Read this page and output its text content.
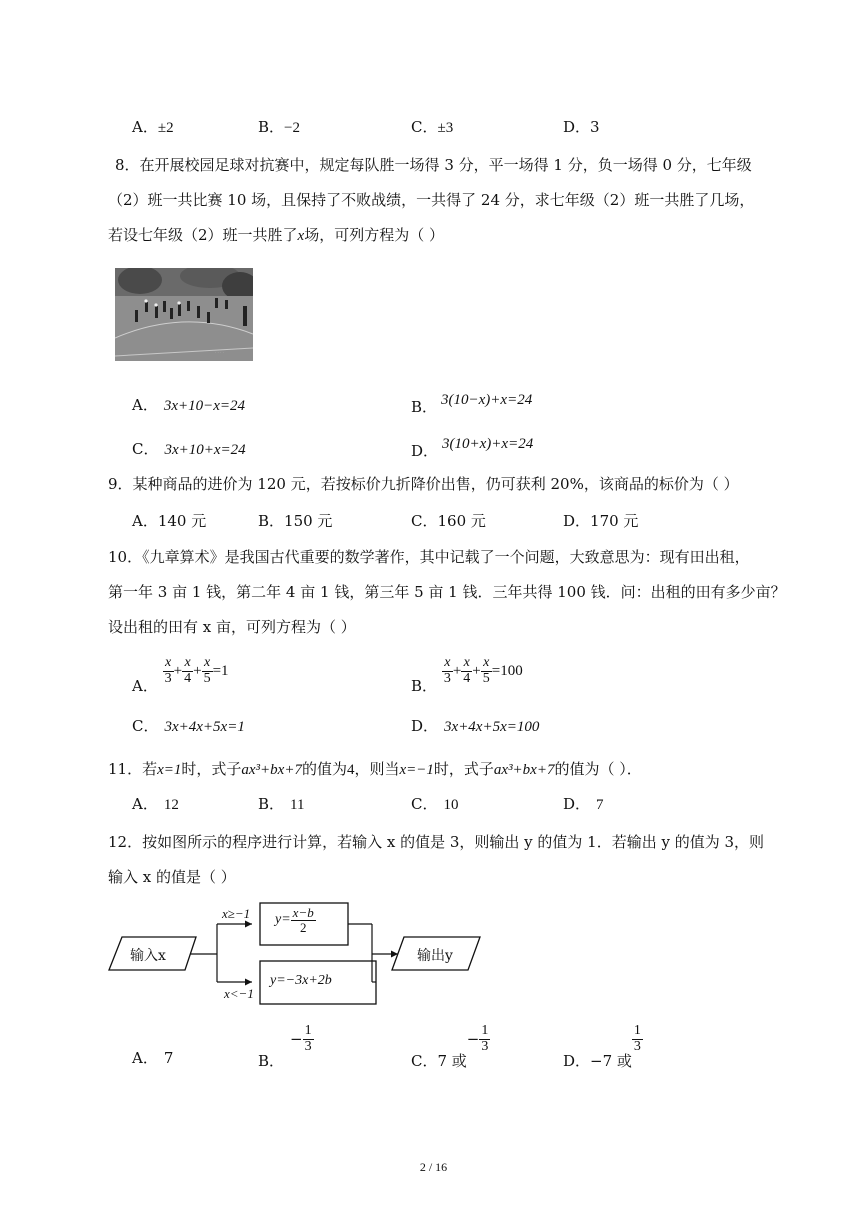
A．±2	B．−2	C．±3	D．3
8．在开展校园足球对抗赛中，规定每队胜一场得 3 分，平一场得 1 分，负一场得 0 分，七年级
（2）班一共比赛 10 场，且保持了不败战绩，一共得了 24 分，求七年级（2）班一共胜了几场，
若设七年级（2）班一共胜了x场，可列方程为（ ）
· · · ·
A． 3x+10−x=24	B． 3(10−x)+x=24
C． 3x+10+x=24	D． 3(10+x)+x=24
9．某种商品的进价为 120 元，若按标价九折降价出售，仍可获利 20%，该商品的标价为（ ）
A．140 元	B．150 元	C．160 元	D．170 元
10．《九章算术》是我国古代重要的数学著作，其中记载了一个问题，大致意思为：现有田出租，
第一年 3 亩 1 钱，第二年 4 亩 1 钱，第三年 5 亩 1 钱．三年共得 100 钱．问：出租的田有多少亩？
设出租的田有 x 亩，可列方程为（ ）
A． $\frac{x}{3} + \frac{x}{4} + \frac{x}{5} =1$
B． $\frac{x}{3} + \frac{x}{4} + \frac{x}{5} =100$
C． 3x+4x+5x=1	D． 3x+4x+5x=100
11．若x=1时，式子ax³+bx+7的值为4，则当x=−1时，式子ax³+bx+7的值为（ ）．
A． 12	B． 11	C． 10	D． 7
12．按如图所示的程序进行计算，若输入 x 的值是 3，则输出 y 的值为 1．若输出 y 的值为 3，则
输入 x 的值是（ ）
输入x	输出y
x≥−1
x<−1
$y= \frac{x-b}{2}$
y=−3x+2b
A． 7	B．− $\frac{1}{3}$
C．7 或− $\frac{1}{3}$
D．−7 或
$\frac{1}{3}$
2 / 16
